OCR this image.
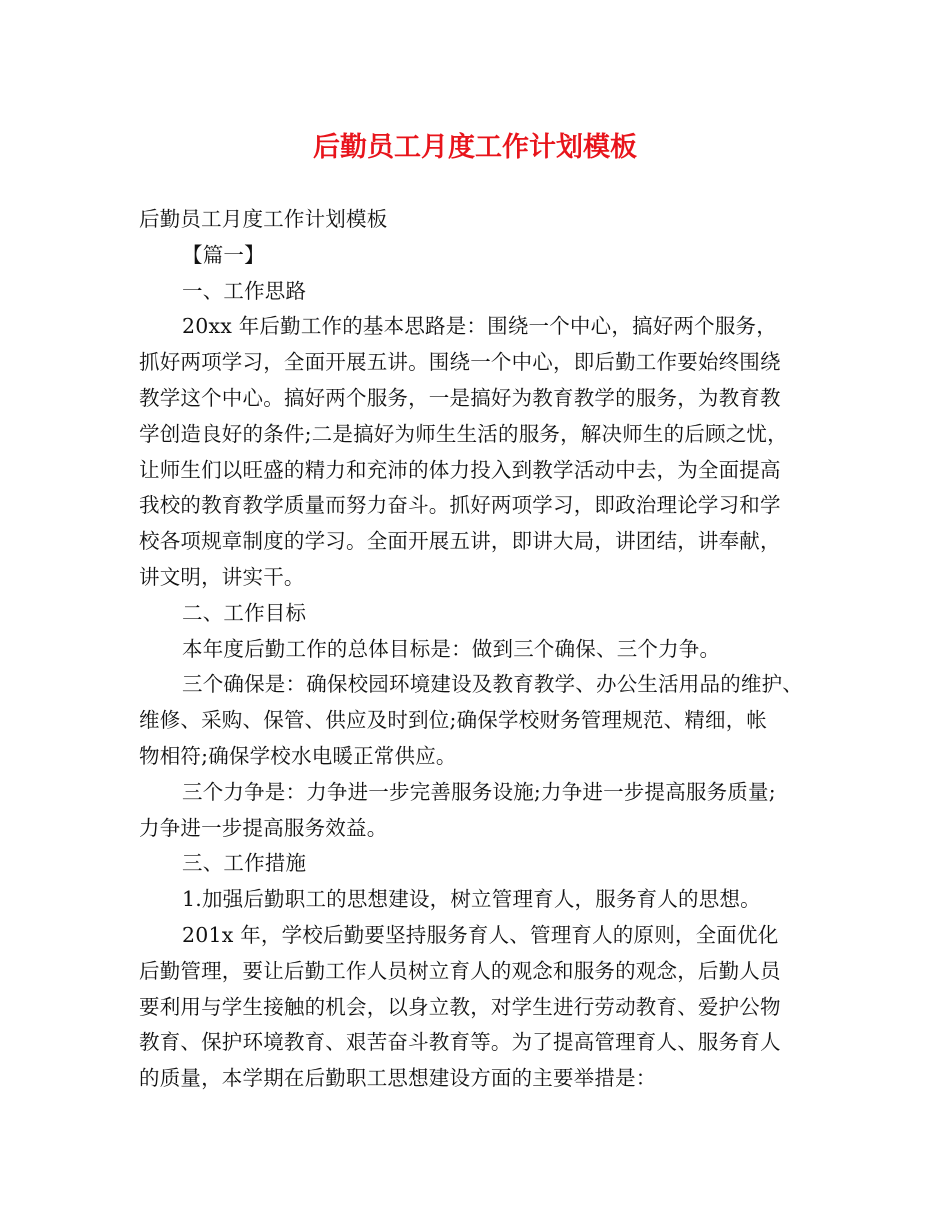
后勤员工月度工作计划模板
后勤员工月度工作计划模板
【篇一】
一、工作思路
20xx 年后勤工作的基本思路是：围绕一个中心，搞好两个服务，
抓好两项学习，全面开展五讲。围绕一个中心，即后勤工作要始终围绕
教学这个中心。搞好两个服务，一是搞好为教育教学的服务，为教育教
学创造良好的条件;二是搞好为师生生活的服务，解决师生的后顾之忧，
让师生们以旺盛的精力和充沛的体力投入到教学活动中去，为全面提高
我校的教育教学质量而努力奋斗。抓好两项学习，即政治理论学习和学
校各项规章制度的学习。全面开展五讲，即讲大局，讲团结，讲奉献，
讲文明，讲实干。
二、工作目标
本年度后勤工作的总体目标是：做到三个确保、三个力争。
三个确保是：确保校园环境建设及教育教学、办公生活用品的维护、
维修、采购、保管、供应及时到位;确保学校财务管理规范、精细，帐
物相符;确保学校水电暖正常供应。
三个力争是：力争进一步完善服务设施;力争进一步提高服务质量;
力争进一步提高服务效益。
三、工作措施
1.加强后勤职工的思想建设，树立管理育人，服务育人的思想。
201x 年，学校后勤要坚持服务育人、管理育人的原则，全面优化
后勤管理，要让后勤工作人员树立育人的观念和服务的观念，后勤人员
要利用与学生接触的机会，以身立教，对学生进行劳动教育、爱护公物
教育、保护环境教育、艰苦奋斗教育等。为了提高管理育人、服务育人
的质量，本学期在后勤职工思想建设方面的主要举措是：
